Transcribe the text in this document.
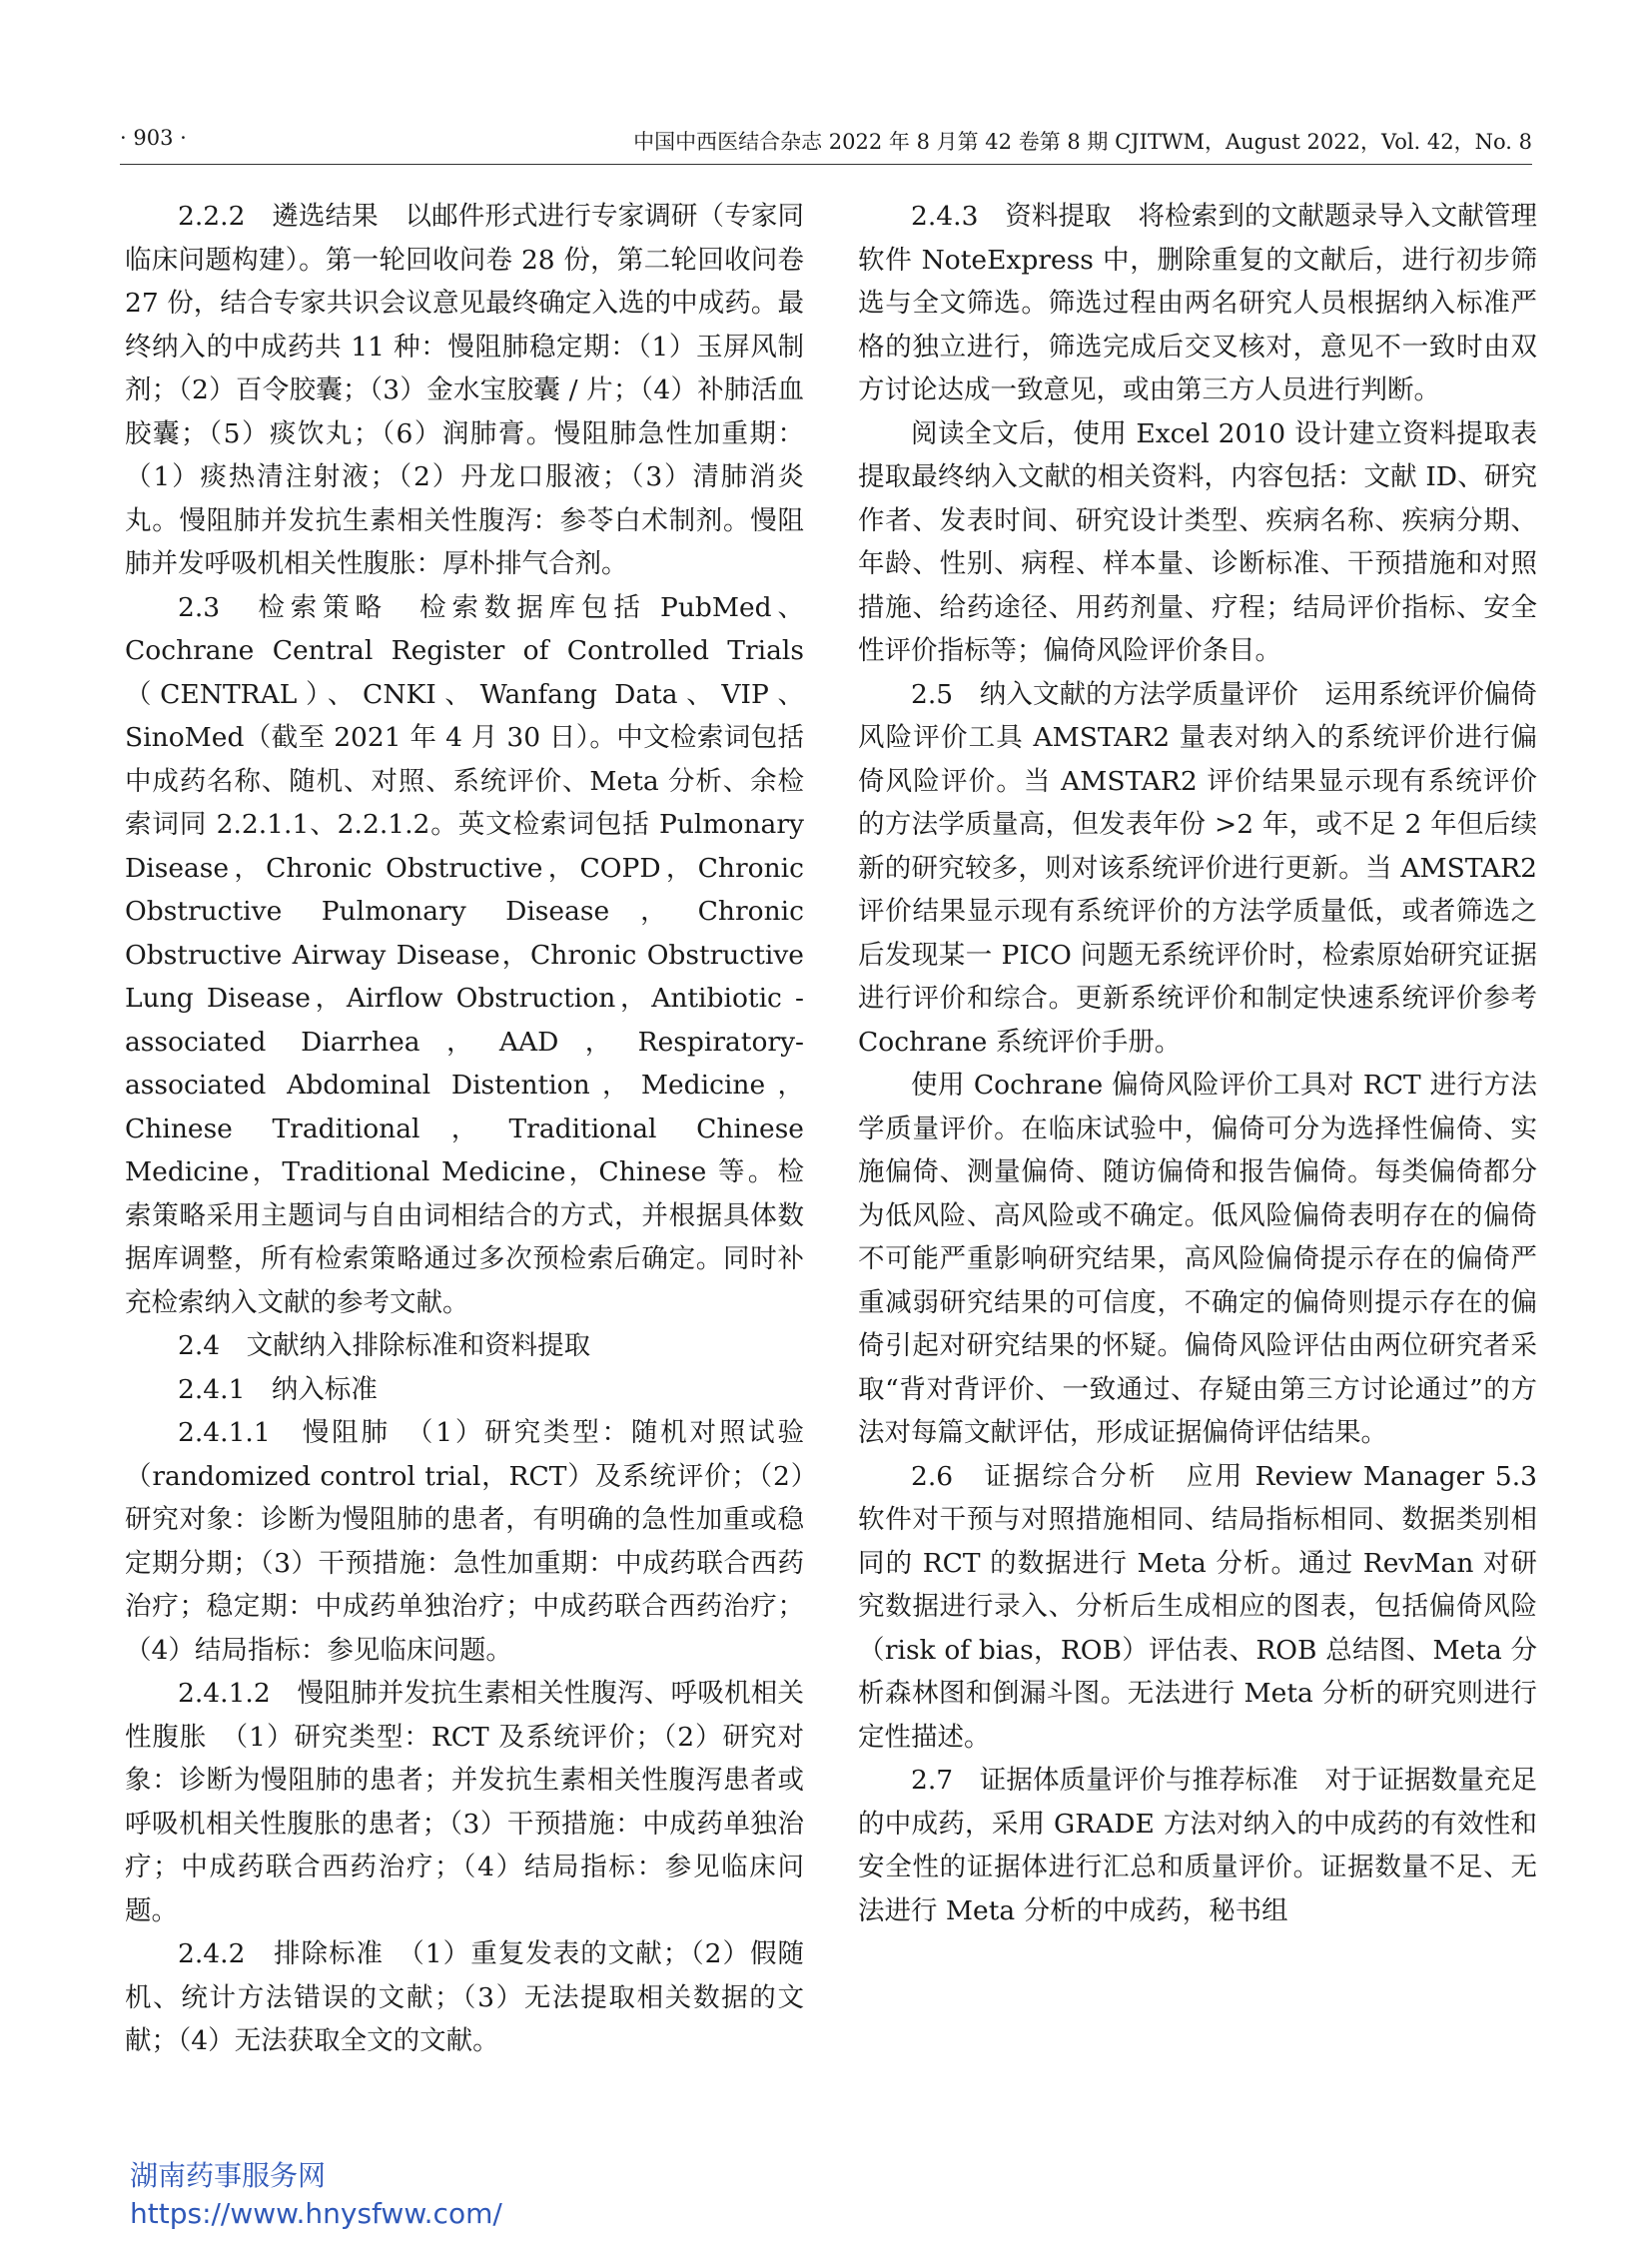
· 903 ·	中国中西医结合杂志 2022 年 8 月第 42 卷第 8 期 CJITWM，August 2022，Vol. 42，No. 8

2.2.2　遴选结果　以邮件形式进行专家调研（专家同临床问题构建）。第一轮回收问卷 28 份，第二轮回收问卷 27 份，结合专家共识会议意见最终确定入选的中成药。最终纳入的中成药共 11 种：慢阻肺稳定期：（1）玉屏风制剂；（2）百令胶囊；（3）金水宝胶囊 / 片；（4）补肺活血胶囊；（5）痰饮丸；（6）润肺膏。慢阻肺急性加重期：（1）痰热清注射液；（2）丹龙口服液；（3）清肺消炎丸。慢阻肺并发抗生素相关性腹泻：参苓白术制剂。慢阻肺并发呼吸机相关性腹胀：厚朴排气合剂。

2.3　检索策略　检索数据库包括 PubMed、Cochrane Central Register of Controlled Trials（CENTRAL）、CNKI、Wanfang Data、VIP、SinoMed（截至 2021 年 4 月 30 日）。中文检索词包括中成药名称、随机、对照、系统评价、Meta 分析、余检索词同 2.2.1.1、2.2.1.2。英文检索词包括 Pulmonary Disease，Chronic Obstructive，COPD，Chronic Obstructive Pulmonary Disease，Chronic Obstructive Airway Disease，Chronic Obstructive Lung Disease，Airflow Obstruction，Antibiotic - associated Diarrhea，AAD，Respiratory-associated Abdominal Distention，Medicine，Chinese Traditional，Traditional Chinese Medicine，Traditional Medicine，Chinese 等。检索策略采用主题词与自由词相结合的方式，并根据具体数据库调整，所有检索策略通过多次预检索后确定。同时补充检索纳入文献的参考文献。

2.4　文献纳入排除标准和资料提取

2.4.1　纳入标准

2.4.1.1　慢阻肺　（1）研究类型：随机对照试验（randomized control trial，RCT）及系统评价；（2）研究对象：诊断为慢阻肺的患者，有明确的急性加重或稳定期分期；（3）干预措施：急性加重期：中成药联合西药治疗；稳定期：中成药单独治疗；中成药联合西药治疗；（4）结局指标：参见临床问题。

2.4.1.2　慢阻肺并发抗生素相关性腹泻、呼吸机相关性腹胀　（1）研究类型：RCT 及系统评价；（2）研究对象：诊断为慢阻肺的患者；并发抗生素相关性腹泻患者或呼吸机相关性腹胀的患者；（3）干预措施：中成药单独治疗；中成药联合西药治疗；（4）结局指标：参见临床问题。

2.4.2　排除标准　（1）重复发表的文献；（2）假随机、统计方法错误的文献；（3）无法提取相关数据的文献；（4）无法获取全文的文献。

2.4.3　资料提取　将检索到的文献题录导入文献管理软件 NoteExpress 中，删除重复的文献后，进行初步筛选与全文筛选。筛选过程由两名研究人员根据纳入标准严格的独立进行，筛选完成后交叉核对，意见不一致时由双方讨论达成一致意见，或由第三方人员进行判断。

阅读全文后，使用 Excel 2010 设计建立资料提取表提取最终纳入文献的相关资料，内容包括：文献 ID、研究作者、发表时间、研究设计类型、疾病名称、疾病分期、年龄、性别、病程、样本量、诊断标准、干预措施和对照措施、给药途径、用药剂量、疗程；结局评价指标、安全性评价指标等；偏倚风险评价条目。

2.5　纳入文献的方法学质量评价　运用系统评价偏倚风险评价工具 AMSTAR2 量表对纳入的系统评价进行偏倚风险评价。当 AMSTAR2 评价结果显示现有系统评价的方法学质量高，但发表年份 >2 年，或不足 2 年但后续新的研究较多，则对该系统评价进行更新。当 AMSTAR2 评价结果显示现有系统评价的方法学质量低，或者筛选之后发现某一 PICO 问题无系统评价时，检索原始研究证据进行评价和综合。更新系统评价和制定快速系统评价参考 Cochrane 系统评价手册。

使用 Cochrane 偏倚风险评价工具对 RCT 进行方法学质量评价。在临床试验中，偏倚可分为选择性偏倚、实施偏倚、测量偏倚、随访偏倚和报告偏倚。每类偏倚都分为低风险、高风险或不确定。低风险偏倚表明存在的偏倚不可能严重影响研究结果，高风险偏倚提示存在的偏倚严重减弱研究结果的可信度，不确定的偏倚则提示存在的偏倚引起对研究结果的怀疑。偏倚风险评估由两位研究者采取“背对背评价、一致通过、存疑由第三方讨论通过”的方法对每篇文献评估，形成证据偏倚评估结果。

2.6　证据综合分析　应用 Review Manager 5.3 软件对干预与对照措施相同、结局指标相同、数据类别相同的 RCT 的数据进行 Meta 分析。通过 RevMan 对研究数据进行录入、分析后生成相应的图表，包括偏倚风险（risk of bias，ROB）评估表、ROB 总结图、Meta 分析森林图和倒漏斗图。无法进行 Meta 分析的研究则进行定性描述。

2.7　证据体质量评价与推荐标准　对于证据数量充足的中成药，采用 GRADE 方法对纳入的中成药的有效性和安全性的证据体进行汇总和质量评价。证据数量不足、无法进行 Meta 分析的中成药，秘书组

湖南药事服务网
https://www.hnysfww.com/
